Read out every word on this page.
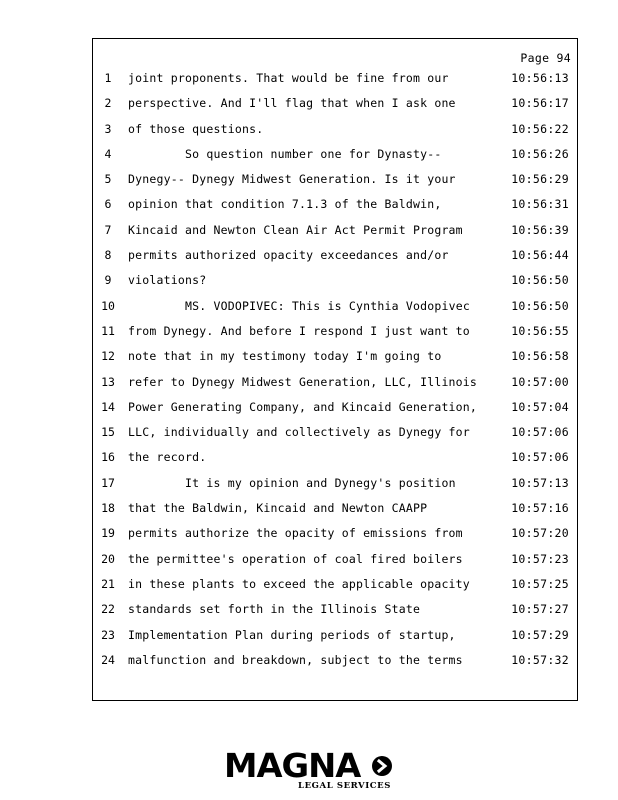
Page 94
1	joint proponents. That would be fine from our	10:56:13
2	perspective. And I'll flag that when I ask one	10:56:17
3	of those questions.	10:56:22
4	So question number one for Dynasty--	10:56:26
5	Dynegy-- Dynegy Midwest Generation. Is it your	10:56:29
6	opinion that condition 7.1.3 of the Baldwin,	10:56:31
7	Kincaid and Newton Clean Air Act Permit Program	10:56:39
8	permits authorized opacity exceedances and/or	10:56:44
9	violations?	10:56:50
10	MS. VODOPIVEC: This is Cynthia Vodopivec	10:56:50
11	from Dynegy. And before I respond I just want to	10:56:55
12	note that in my testimony today I'm going to	10:56:58
13	refer to Dynegy Midwest Generation, LLC, Illinois	10:57:00
14	Power Generating Company, and Kincaid Generation,	10:57:04
15	LLC, individually and collectively as Dynegy for	10:57:06
16	the record.	10:57:06
17	It is my opinion and Dynegy's position	10:57:13
18	that the Baldwin, Kincaid and Newton CAAPP	10:57:16
19	permits authorize the opacity of emissions from	10:57:20
20	the permittee's operation of coal fired boilers	10:57:23
21	in these plants to exceed the applicable opacity	10:57:25
22	standards set forth in the Illinois State	10:57:27
23	Implementation Plan during periods of startup,	10:57:29
24	malfunction and breakdown, subject to the terms	10:57:32
MAGNA
LEGAL SERVICES
